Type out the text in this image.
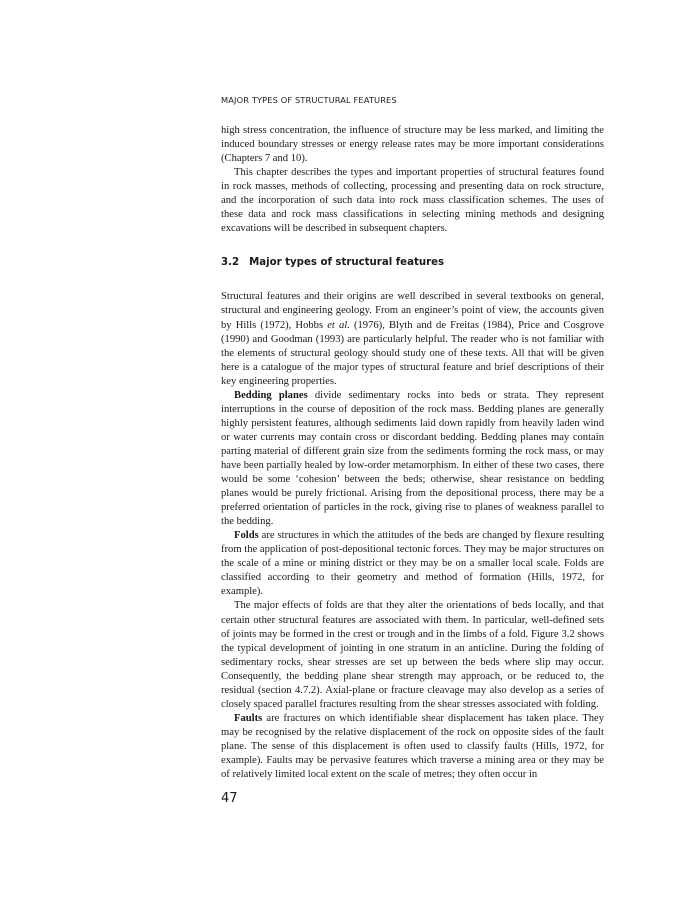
MAJOR TYPES OF STRUCTURAL FEATURES

high stress concentration, the influence of structure may be less marked, and limiting the induced boundary stresses or energy release rates may be more important considerations (Chapters 7 and 10).

This chapter describes the types and important properties of structural features found in rock masses, methods of collecting, processing and presenting data on rock structure, and the incorporation of such data into rock mass classification schemes. The uses of these data and rock mass classifications in selecting mining methods and designing excavations will be described in subsequent chapters.

3.2 Major types of structural features

Structural features and their origins are well described in several textbooks on general, structural and engineering geology. From an engineer’s point of view, the accounts given by Hills (1972), Hobbs et al. (1976), Blyth and de Freitas (1984), Price and Cosgrove (1990) and Goodman (1993) are particularly helpful. The reader who is not familiar with the elements of structural geology should study one of these texts. All that will be given here is a catalogue of the major types of structural feature and brief descriptions of their key engineering properties.

Bedding planes divide sedimentary rocks into beds or strata. They represent interruptions in the course of deposition of the rock mass. Bedding planes are generally highly persistent features, although sediments laid down rapidly from heavily laden wind or water currents may contain cross or discordant bedding. Bedding planes may contain parting material of different grain size from the sediments forming the rock mass, or may have been partially healed by low-order metamorphism. In either of these two cases, there would be some ‘cohesion’ between the beds; otherwise, shear resistance on bedding planes would be purely frictional. Arising from the depositional process, there may be a preferred orientation of particles in the rock, giving rise to planes of weakness parallel to the bedding.

Folds are structures in which the attitudes of the beds are changed by flexure resulting from the application of post-depositional tectonic forces. They may be major structures on the scale of a mine or mining district or they may be on a smaller local scale. Folds are classified according to their geometry and method of formation (Hills, 1972, for example).

The major effects of folds are that they alter the orientations of beds locally, and that certain other structural features are associated with them. In particular, well-defined sets of joints may be formed in the crest or trough and in the limbs of a fold. Figure 3.2 shows the typical development of jointing in one stratum in an anticline. During the folding of sedimentary rocks, shear stresses are set up between the beds where slip may occur. Consequently, the bedding plane shear strength may approach, or be reduced to, the residual (section 4.7.2). Axial-plane or fracture cleavage may also develop as a series of closely spaced parallel fractures resulting from the shear stresses associated with folding.

Faults are fractures on which identifiable shear displacement has taken place. They may be recognised by the relative displacement of the rock on opposite sides of the fault plane. The sense of this displacement is often used to classify faults (Hills, 1972, for example). Faults may be pervasive features which traverse a mining area or they may be of relatively limited local extent on the scale of metres; they often occur in

47
